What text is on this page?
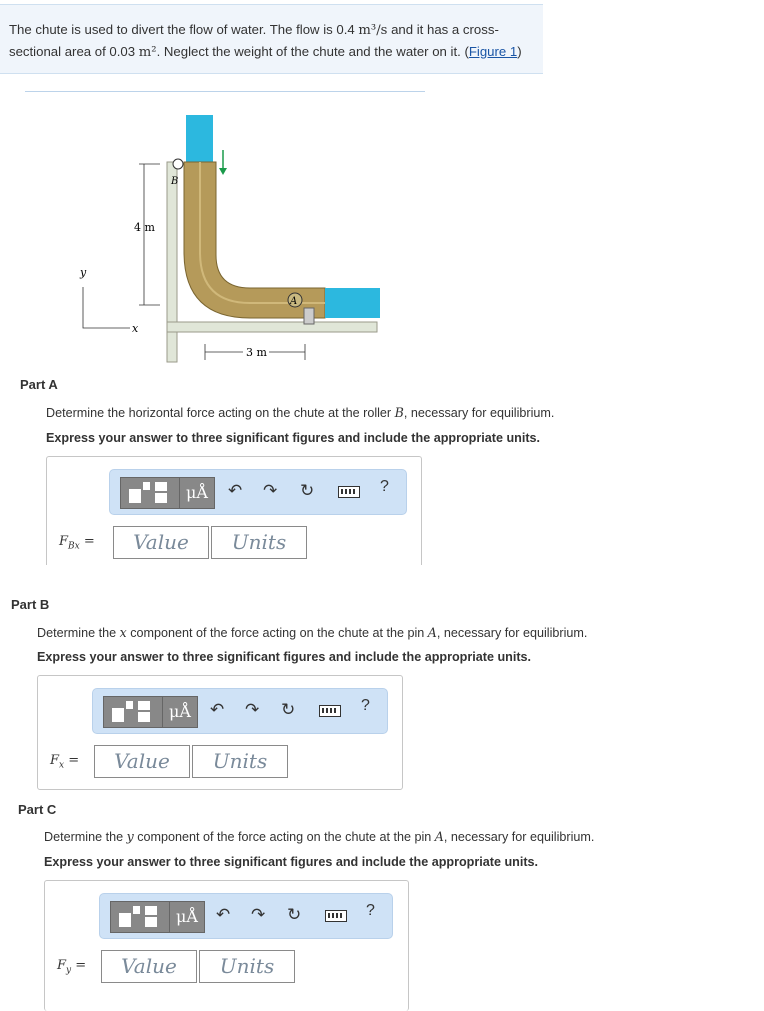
The chute is used to divert the flow of water. The flow is 0.4 m³/s and it has a cross-sectional area of 0.03 m². Neglect the weight of the chute and the water on it. (Figure 1)

B
A
4 m
3 m
y
x
Part A
Determine the horizontal force acting on the chute at the roller B, necessary for equilibrium.
Express your answer to three significant figures and include the appropriate units.
μÅ	↶ ↷ ↻	?
$F_{Bx}$ =	Value	Units
Part B
Determine the x component of the force acting on the chute at the pin A, necessary for equilibrium.
Express your answer to three significant figures and include the appropriate units.
μÅ	↶ ↷ ↻	?
$F_x$ =	Value	Units
Part C
Determine the y component of the force acting on the chute at the pin A, necessary for equilibrium.
Express your answer to three significant figures and include the appropriate units.
μÅ	↶ ↷ ↻	?
$F_y$ =	Value	Units
